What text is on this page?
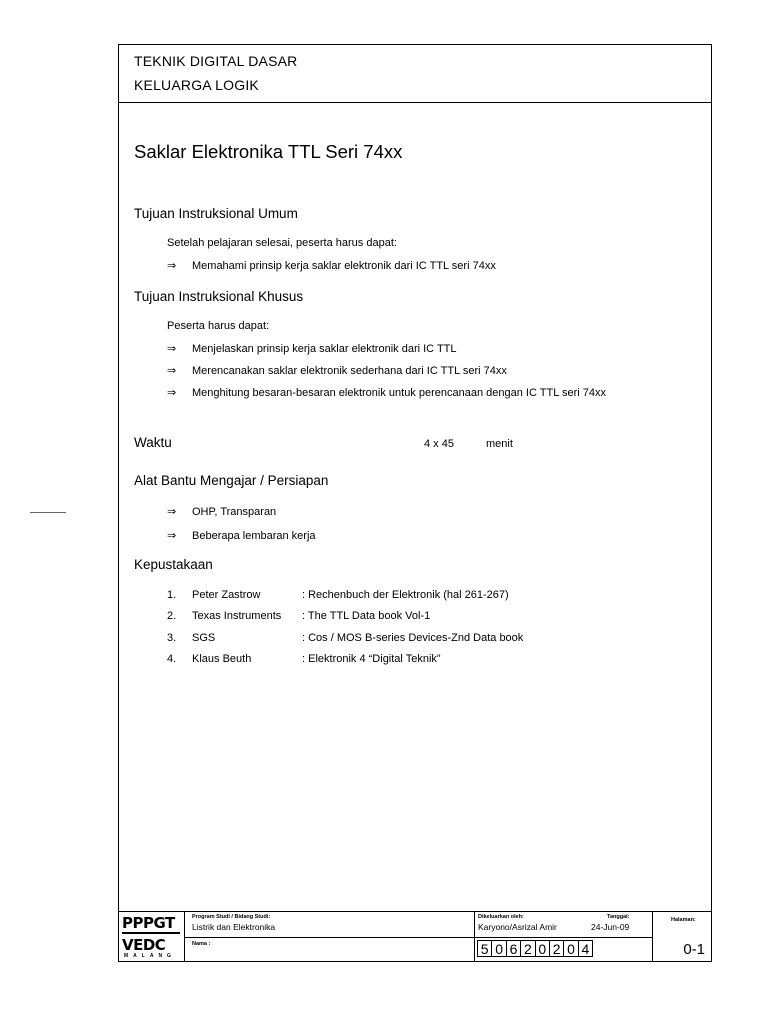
TEKNIK DIGITAL DASAR
KELUARGA LOGIK
Saklar Elektronika TTL Seri 74xx
Tujuan Instruksional Umum
Setelah pelajaran selesai, peserta harus dapat:
⇒ Memahami prinsip kerja saklar elektronik dari IC TTL seri 74xx
Tujuan Instruksional Khusus
Peserta harus dapat:
⇒ Menjelaskan prinsip kerja saklar elektronik dari IC TTL
⇒ Merencanakan saklar elektronik sederhana dari IC TTL seri 74xx
⇒ Menghitung besaran-besaran elektronik untuk perencanaan dengan IC TTL seri 74xx
Waktu	4 x 45	menit
Alat Bantu Mengajar / Persiapan
⇒ OHP, Transparan
⇒ Beberapa lembaran kerja
Kepustakaan
1. Peter Zastrow	: Rechenbuch der Elektronik (hal 261-267)
2. Texas Instruments : The TTL Data book Vol-1
3. SGS	: Cos / MOS B-series Devices-Znd Data book
4. Klaus Beuth	: Elektronik 4 “Digital Teknik”
PPPGT
VEDC
MALANG
Program Studi / Bidang Studi:
Listrik dan Elektronika
Nama :
Dikeluarkan oleh:
Karyono/Asrizal Amir
Tanggal:
24-Jun-09
5 0 6 2 0 2 0 4
Halaman:
0-1
